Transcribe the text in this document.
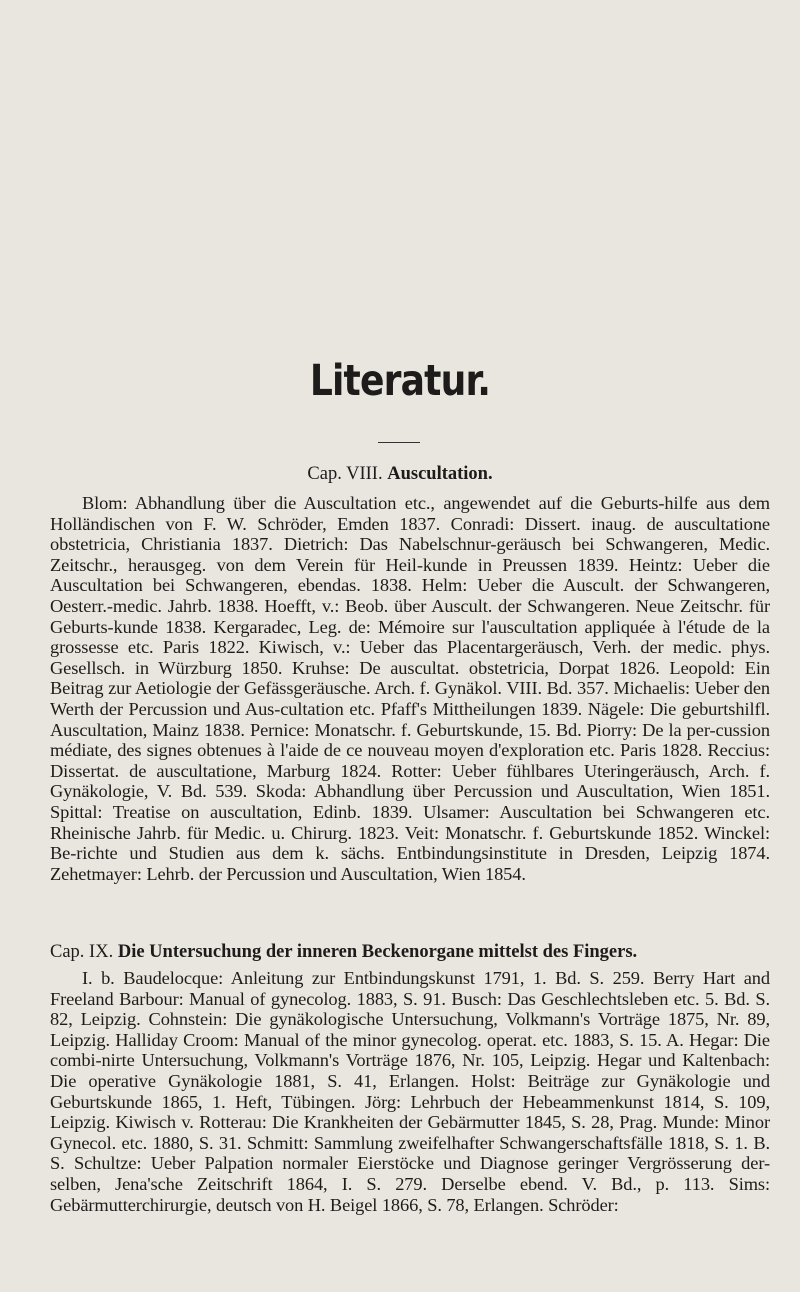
Literatur.
Cap. VIII. Auscultation.

Blom: Abhandlung über die Auscultation etc., angewendet auf die Geburts-hilfe aus dem Holländischen von F. W. Schröder, Emden 1837. Conradi: Dissert. inaug. de auscultatione obstetricia, Christiania 1837. Dietrich: Das Nabelschnur-geräusch bei Schwangeren, Medic. Zeitschr., herausgeg. von dem Verein für Heil-kunde in Preussen 1839. Heintz: Ueber die Auscultation bei Schwangeren, ebendas. 1838. Helm: Ueber die Auscult. der Schwangeren, Oesterr.-medic. Jahrb. 1838. Hoefft, v.: Beob. über Auscult. der Schwangeren. Neue Zeitschr. für Geburts-kunde 1838. Kergaradec, Leg. de: Mémoire sur l'auscultation appliquée à l'étude de la grossesse etc. Paris 1822. Kiwisch, v.: Ueber das Placentargeräusch, Verh. der medic. phys. Gesellsch. in Würzburg 1850. Kruhse: De auscultat. obstetricia, Dorpat 1826. Leopold: Ein Beitrag zur Aetiologie der Gefässgeräusche. Arch. f. Gynäkol. VIII. Bd. 357. Michaelis: Ueber den Werth der Percussion und Aus-cultation etc. Pfaff's Mittheilungen 1839. Nägele: Die geburtshilfl. Auscultation, Mainz 1838. Pernice: Monatschr. f. Geburtskunde, 15. Bd. Piorry: De la per-cussion médiate, des signes obtenues à l'aide de ce nouveau moyen d'exploration etc. Paris 1828. Reccius: Dissertat. de auscultatione, Marburg 1824. Rotter: Ueber fühlbares Uteringeräusch, Arch. f. Gynäkologie, V. Bd. 539. Skoda: Abhandlung über Percussion und Auscultation, Wien 1851. Spittal: Treatise on auscultation, Edinb. 1839. Ulsamer: Auscultation bei Schwangeren etc. Rheinische Jahrb. für Medic. u. Chirurg. 1823. Veit: Monatschr. f. Geburtskunde 1852. Winckel: Be-richte und Studien aus dem k. sächs. Entbindungsinstitute in Dresden, Leipzig 1874. Zehetmayer: Lehrb. der Percussion und Auscultation, Wien 1854.

Cap. IX. Die Untersuchung der inneren Beckenorgane mittelst des Fingers.

I. b. Baudelocque: Anleitung zur Entbindungskunst 1791, 1. Bd. S. 259. Berry Hart and Freeland Barbour: Manual of gynecolog. 1883, S. 91. Busch: Das Geschlechtsleben etc. 5. Bd. S. 82, Leipzig. Cohnstein: Die gynäkologische Untersuchung, Volkmann's Vorträge 1875, Nr. 89, Leipzig. Halliday Croom: Manual of the minor gynecolog. operat. etc. 1883, S. 15. A. Hegar: Die combi-nirte Untersuchung, Volkmann's Vorträge 1876, Nr. 105, Leipzig. Hegar und Kaltenbach: Die operative Gynäkologie 1881, S. 41, Erlangen. Holst: Beiträge zur Gynäkologie und Geburtskunde 1865, 1. Heft, Tübingen. Jörg: Lehrbuch der Hebeammenkunst 1814, S. 109, Leipzig. Kiwisch v. Rotterau: Die Krankheiten der Gebärmutter 1845, S. 28, Prag. Munde: Minor Gynecol. etc. 1880, S. 31. Schmitt: Sammlung zweifelhafter Schwangerschaftsfälle 1818, S. 1. B. S. Schultze: Ueber Palpation normaler Eierstöcke und Diagnose geringer Vergrösserung der-selben, Jena'sche Zeitschrift 1864, I. S. 279. Derselbe ebend. V. Bd., p. 113. Sims: Gebärmutterchirurgie, deutsch von H. Beigel 1866, S. 78, Erlangen. Schröder:
